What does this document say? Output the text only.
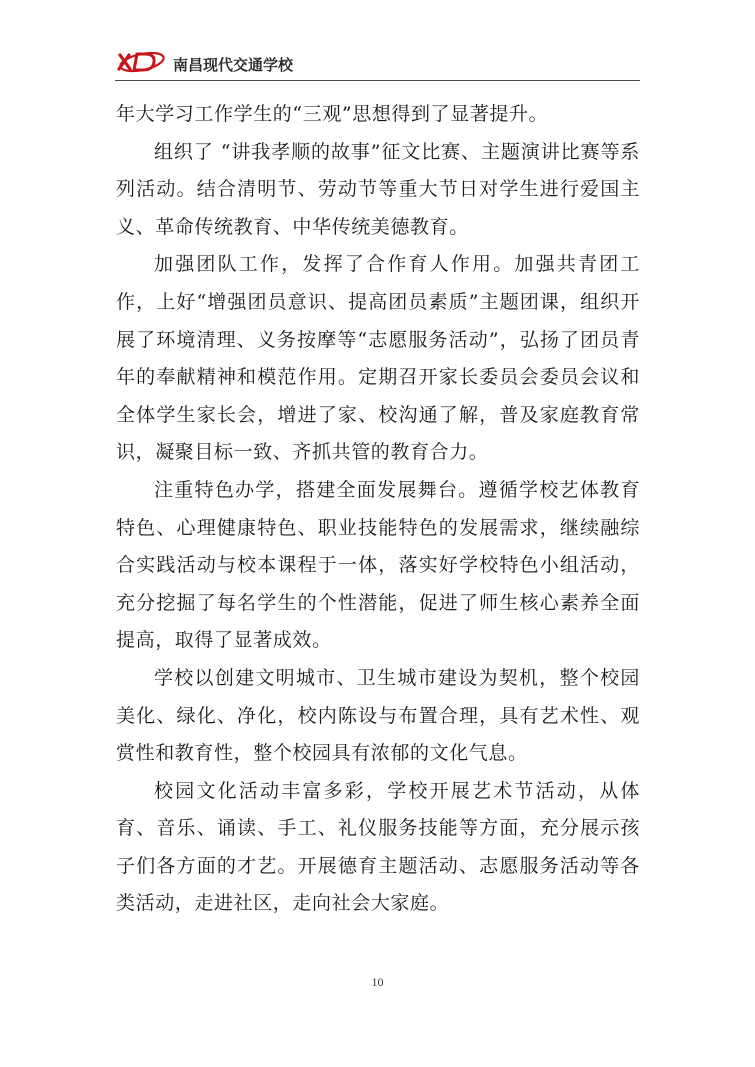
南昌现代交通学校

年大学习工作学生的“三观”思想得到了显著提升。

组织了 “讲我孝顺的故事”征文比赛、主题演讲比赛等系列活动。结合清明节、劳动节等重大节日对学生进行爱国主义、革命传统教育、中华传统美德教育。

加强团队工作，发挥了合作育人作用。加强共青团工作，上好“增强团员意识、提高团员素质”主题团课，组织开展了环境清理、义务按摩等“志愿服务活动”，弘扬了团员青年的奉献精神和模范作用。定期召开家长委员会委员会议和全体学生家长会，增进了家、校沟通了解，普及家庭教育常识，凝聚目标一致、齐抓共管的教育合力。

注重特色办学，搭建全面发展舞台。遵循学校艺体教育特色、心理健康特色、职业技能特色的发展需求，继续融综合实践活动与校本课程于一体，落实好学校特色小组活动，充分挖掘了每名学生的个性潜能，促进了师生核心素养全面提高，取得了显著成效。

学校以创建文明城市、卫生城市建设为契机，整个校园美化、绿化、净化，校内陈设与布置合理，具有艺术性、观赏性和教育性，整个校园具有浓郁的文化气息。

校园文化活动丰富多彩，学校开展艺术节活动，从体育、音乐、诵读、手工、礼仪服务技能等方面，充分展示孩子们各方面的才艺。开展德育主题活动、志愿服务活动等各类活动，走进社区，走向社会大家庭。

10
